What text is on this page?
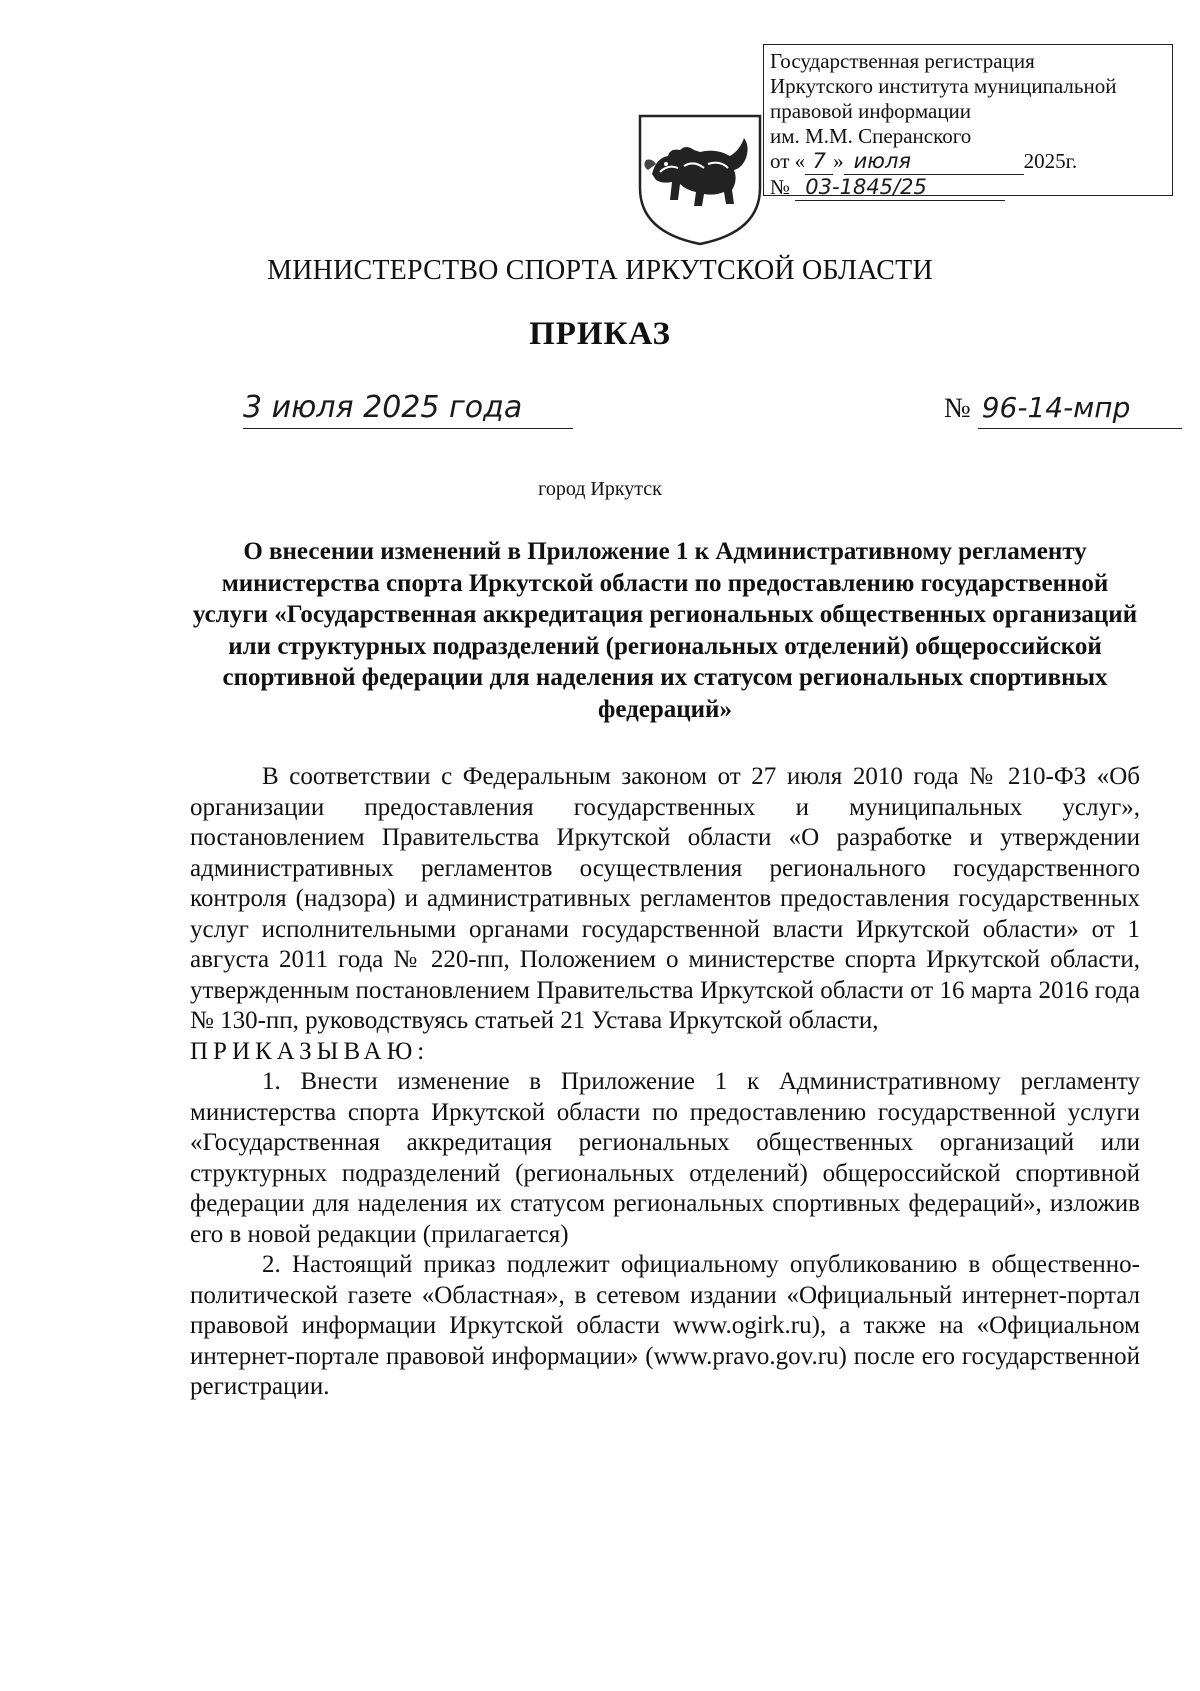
Государственная регистрация
Иркутского института муниципальной
правовой информации
им. М.М. Сперанского
от « 7 » июля	2025г.
№ 03-1845/25
МИНИСТЕРСТВО СПОРТА ИРКУТСКОЙ ОБЛАСТИ
ПРИКАЗ
3 июля 2025 года	№ 96-14-мпр
город Иркутск
О внесении изменений в Приложение 1 к Административному регламенту министерства спорта Иркутской области по предоставлению государственной услуги «Государственная аккредитация региональных общественных организаций или структурных подразделений (региональных отделений) общероссийской спортивной федерации для наделения их статусом региональных спортивных федераций»

В соответствии с Федеральным законом от 27 июля 2010 года № 210-ФЗ «Об организации предоставления государственных и муниципальных услуг», постановлением Правительства Иркутской области «О разработке и утверждении административных регламентов осуществления регионального государственного контроля (надзора) и административных регламентов предоставления государственных услуг исполнительными органами государственной власти Иркутской области» от 1 августа 2011 года № 220-пп, Положением о министерстве спорта Иркутской области, утвержденным постановлением Правительства Иркутской области от 16 марта 2016 года № 130-пп, руководствуясь статьей 21 Устава Иркутской области,

ПРИКАЗЫВАЮ:

1. Внести изменение в Приложение 1 к Административному регламенту министерства спорта Иркутской области по предоставлению государственной услуги «Государственная аккредитация региональных общественных организаций или структурных подразделений (региональных отделений) общероссийской спортивной федерации для наделения их статусом региональных спортивных федераций», изложив его в новой редакции (прилагается)

2. Настоящий приказ подлежит официальному опубликованию в общественно-политической газете «Областная», в сетевом издании «Официальный интернет-портал правовой информации Иркутской области www.ogirk.ru), а также на «Официальном интернет-портале правовой информации» (www.pravo.gov.ru) после его государственной регистрации.
